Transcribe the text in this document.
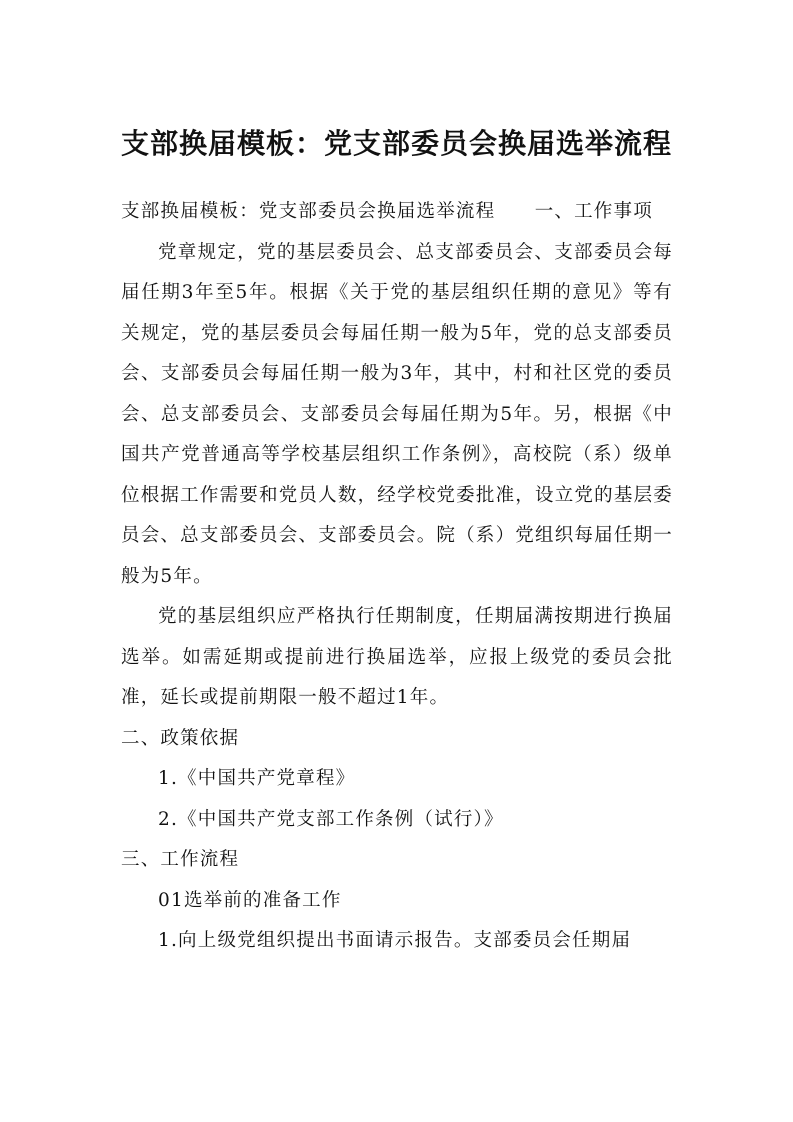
支部换届模板：党支部委员会换届选举流程

支部换届模板：党支部委员会换届选举流程　　一、工作事项

党章规定，党的基层委员会、总支部委员会、支部委员会每届任期3年至5年。根据《关于党的基层组织任期的意见》等有关规定，党的基层委员会每届任期一般为5年，党的总支部委员会、支部委员会每届任期一般为3年，其中，村和社区党的委员会、总支部委员会、支部委员会每届任期为5年。另，根据《中国共产党普通高等学校基层组织工作条例》，高校院（系）级单位根据工作需要和党员人数，经学校党委批准，设立党的基层委员会、总支部委员会、支部委员会。院（系）党组织每届任期一般为5年。

党的基层组织应严格执行任期制度，任期届满按期进行换届选举。如需延期或提前进行换届选举，应报上级党的委员会批准，延长或提前期限一般不超过1年。

二、政策依据

1.《中国共产党章程》

2.《中国共产党支部工作条例（试行）》

三、工作流程

01选举前的准备工作

1.向上级党组织提出书面请示报告。支部委员会任期届
